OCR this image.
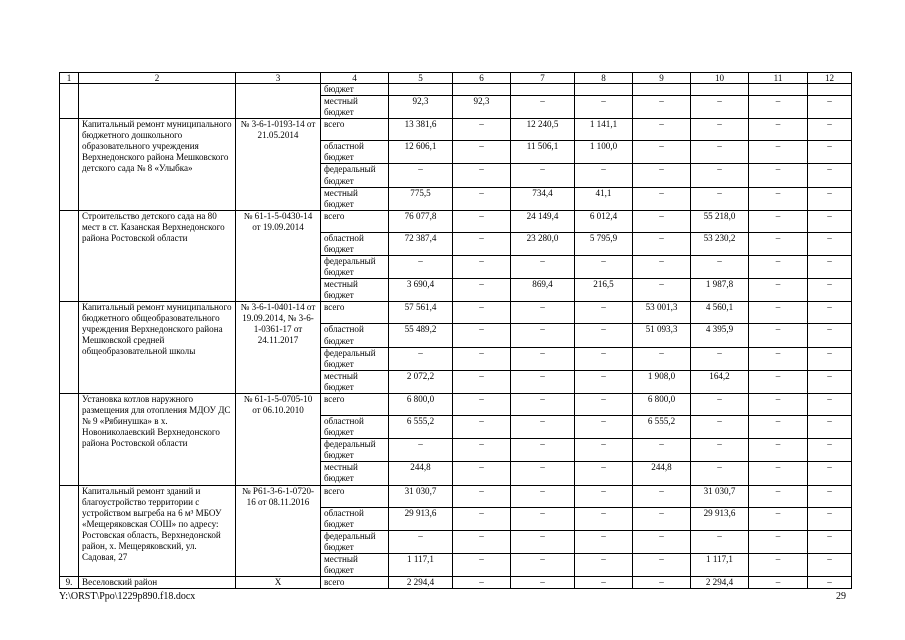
1	2	3	4	5	6	7	8	9	10	11	12
			бюджет								
			местный бюджет	92,3	92,3	–	–	–	–	–	–
	Капитальный ремонт муниципального бюджетного дошкольного образовательного учреждения Верхнедонского района Мешковского детского сада № 8 «Улыбка»	№ 3-6-1-0193-14 от 21.05.2014	всего	13 381,6	–	12 240,5	1 141,1	–	–	–	–
			областной бюджет	12 606,1	–	11 506,1	1 100,0	–	–	–	–
			федеральный бюджет	–	–	–	–	–	–	–	–
			местный бюджет	775,5	–	734,4	41,1	–	–	–	–
	Строительство детского сада на 80 мест в ст. Казанская Верхнедонского района Ростовской области	№ 61-1-5-0430-14 от 19.09.2014	всего	76 077,8	–	24 149,4	6 012,4	–	55 218,0	–	–
			областной бюджет	72 387,4	–	23 280,0	5 795,9	–	53 230,2	–	–
			федеральный бюджет	–	–	–	–	–	–	–	–
			местный бюджет	3 690,4	–	869,4	216,5	–	1 987,8	–	–
	Капитальный ремонт муниципального бюджетного общеобразовательного учреждения Верхнедонского района Мешковской средней общеобразовательной школы	№ 3-6-1-0401-14 от 19.09.2014, № 3-6-1-0361-17 от 24.11.2017	всего	57 561,4	–	–	–	53 001,3	4 560,1	–	–
			областной бюджет	55 489,2	–	–	–	51 093,3	4 395,9	–	–
			федеральный бюджет	–	–	–	–	–	–	–	–
			местный бюджет	2 072,2	–	–	–	1 908,0	164,2	–	–
	Установка котлов наружного размещения для отопления МДОУ ДС № 9 «Рябинушка» в х. Новониколаевский Верхнедонского района Ростовской области	№ 61-1-5-0705-10 от 06.10.2010	всего	6 800,0	–	–	–	6 800,0	–	–	–
			областной бюджет	6 555,2	–	–	–	6 555,2	–	–	–
			федеральный бюджет	–	–	–	–	–	–	–	–
			местный бюджет	244,8	–	–	–	244,8	–	–	–
	Капитальный ремонт зданий и благоустройство территории с устройством выгреба на 6 м³ МБОУ «Мещеряковская СОШ» по адресу: Ростовская область, Верхнедонской район, х. Мещеряковский, ул. Садовая, 27	№ Р61-3-6-1-0720-16 от 08.11.2016	всего	31 030,7	–	–	–	–	31 030,7	–	–
			областной бюджет	29 913,6	–	–	–	–	29 913,6	–	–
			федеральный бюджет	–	–	–	–	–	–	–	–
			местный бюджет	1 117,1	–	–	–	–	1 117,1	–	–
9.	Веселовский район	Х	всего	2 294,4	–	–	–	–	2 294,4	–	–
Y:\ORST\Ppo\1229p890.f18.docx	29
